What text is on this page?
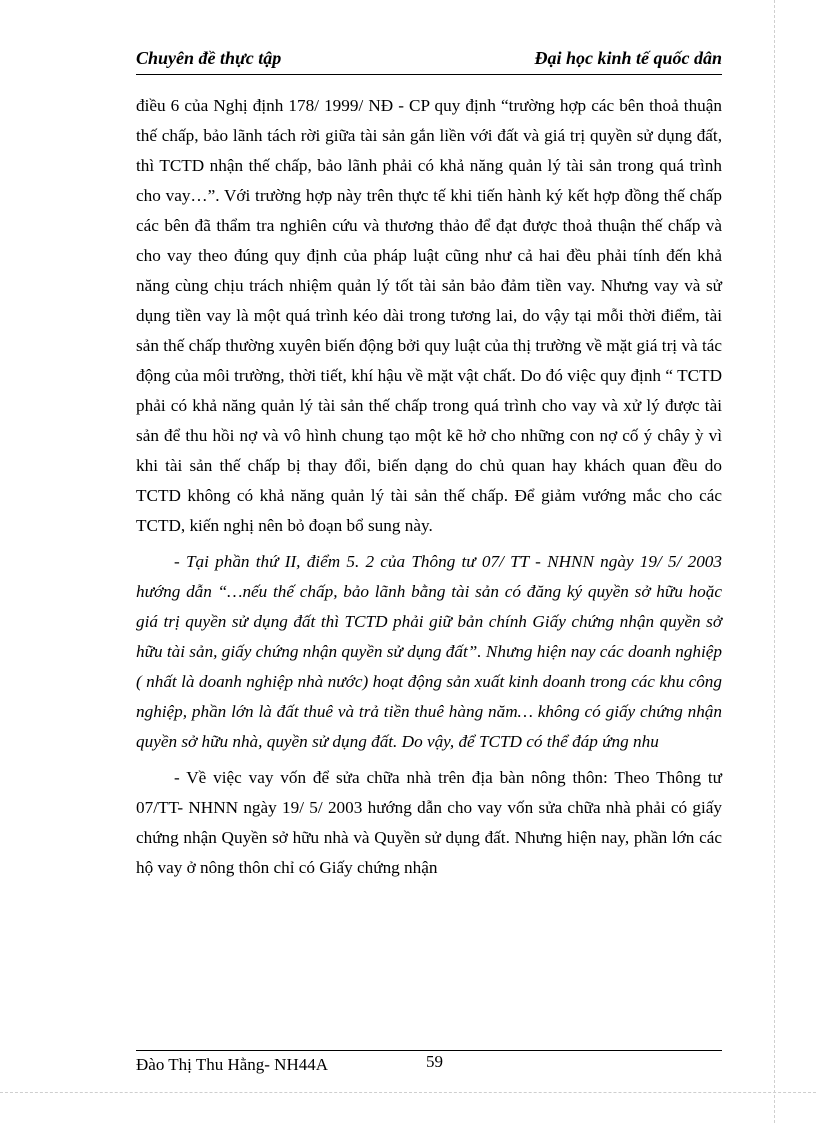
Chuyên đề thực tập	Đại học kinh tế quốc dân

điều 6 của Nghị định 178/ 1999/ NĐ - CP quy định “trường hợp các bên thoả thuận thế chấp, bảo lãnh tách rời giữa tài sản gắn liền với đất và giá trị quyền sử dụng đất, thì TCTD nhận thế chấp, bảo lãnh phải có khả năng quản lý tài sản trong quá trình cho vay…”. Với trường hợp này trên thực tế khi tiến hành ký kết hợp đồng thế chấp các bên đã thẩm tra nghiên cứu và thương thảo để đạt được thoả thuận thế chấp và cho vay theo đúng quy định của pháp luật cũng như cả hai đều phải tính đến khả năng cùng chịu trách nhiệm quản lý tốt tài sản bảo đảm tiền vay. Nhưng vay và sử dụng tiền vay là một quá trình kéo dài trong tương lai, do vậy tại mỗi thời điểm, tài sản thế chấp thường xuyên biến động bởi quy luật của thị trường về mặt giá trị và tác động của môi trường, thời tiết, khí hậu về mặt vật chất. Do đó việc quy định “ TCTD phải có khả năng quản lý tài sản thế chấp trong quá trình cho vay và xử lý được tài sản để thu hồi nợ và vô hình chung tạo một kẽ hở cho những con nợ cố ý chây ỳ vì khi tài sản thế chấp bị thay đổi, biến dạng do chủ quan hay khách quan đều do TCTD không có khả năng quản lý tài sản thế chấp. Để giảm vướng mắc cho các TCTD, kiến nghị nên bỏ đoạn bổ sung này.

- Tại phần thứ II, điểm 5. 2 của Thông tư 07/ TT - NHNN ngày 19/ 5/ 2003 hướng dẫn “…nếu thế chấp, bảo lãnh bằng tài sản có đăng ký quyền sở hữu hoặc giá trị quyền sử dụng đất thì TCTD phải giữ bản chính Giấy chứng nhận quyền sở hữu tài sản, giấy chứng nhận quyền sử dụng đất”. Nhưng hiện nay các doanh nghiệp ( nhất là doanh nghiệp nhà nước) hoạt động sản xuất kinh doanh trong các khu công nghiệp, phần lớn là đất thuê và trả tiền thuê hàng năm… không có giấy chứng nhận quyền sở hữu nhà, quyền sử dụng đất. Do vậy, để TCTD có thể đáp ứng nhu

- Về việc vay vốn để sửa chữa nhà trên địa bàn nông thôn: Theo Thông tư 07/TT- NHNN ngày 19/ 5/ 2003 hướng dẫn cho vay vốn sửa chữa nhà phải có giấy chứng nhận Quyền sở hữu nhà và Quyền sử dụng đất. Nhưng hiện nay, phần lớn các hộ vay ở nông thôn chỉ có Giấy chứng nhận

Đào Thị Thu Hằng- NH44A	59
